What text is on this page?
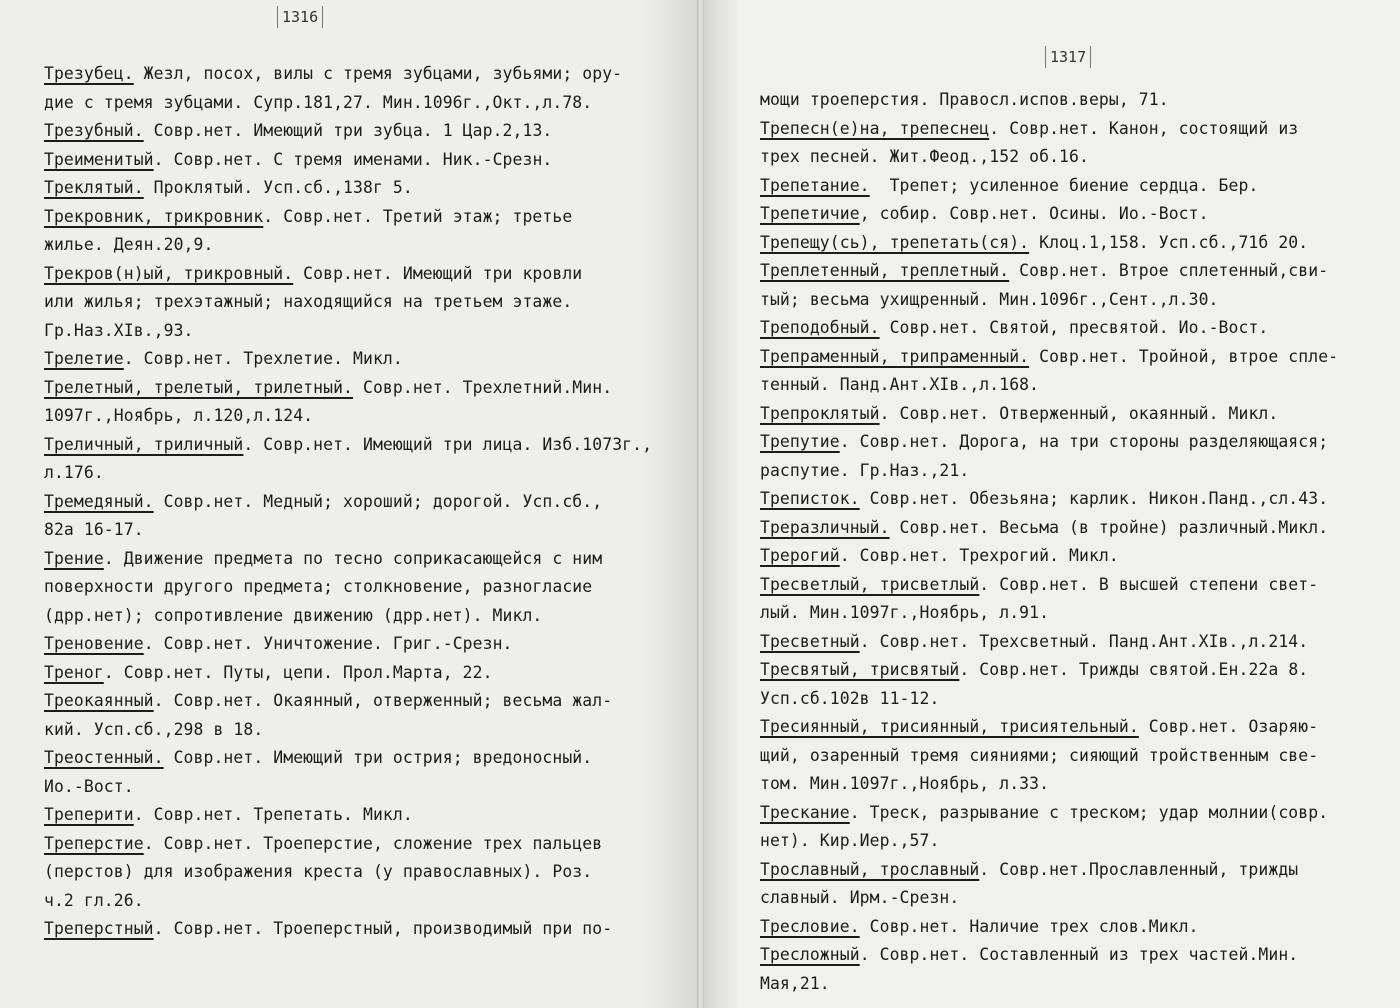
1316
Трезубец. Жезл, посох, вилы с тремя зубцами, зубьями; ору-
дие с тремя зубцами. Супр.181,27. Мин.1096г.,Окт.,л.78.
Трезубный. Совр.нет. Имеющий три зубца. 1 Цар.2,13.
Треименитый. Совр.нет. С тремя именами. Ник.-Срезн.
Треклятый. Проклятый. Усп.сб.,138г 5.
Трекровник, трикровник. Совр.нет. Третий этаж; третье
жилье. Деян.20,9.
Трекров(н)ый, трикровный. Совр.нет. Имеющий три кровли
или жилья; трехэтажный; находящийся на третьем этаже.
Гр.Наз.XIв.,93.
Трелетие. Совр.нет. Трехлетие. Микл.
Трелетный, трелетый, трилетный. Совр.нет. Трехлетний.Мин.
1097г.,Ноябрь, л.120,л.124.
Треличный, триличный. Совр.нет. Имеющий три лица. Изб.1073г.,
л.176.
Тремедяный. Совр.нет. Медный; хороший; дорогой. Усп.сб.,
82а 16-17.
Трение. Движение предмета по тесно соприкасающейся с ним
поверхности другого предмета; столкновение, разногласие
(дрр.нет); сопротивление движению (дрр.нет). Микл.
Треновение. Совр.нет. Уничтожение. Григ.-Срезн.
Треног. Совр.нет. Путы, цепи. Прол.Марта, 22.
Треокаянный. Совр.нет. Окаянный, отверженный; весьма жал-
кий. Усп.сб.,298 в 18.
Треостенный. Совр.нет. Имеющий три острия; вредоносный.
Ио.-Вост.
Треперити. Совр.нет. Трепетать. Микл.
Треперстие. Совр.нет. Троеперстие, сложение трех пальцев
(перстов) для изображения креста (у православных). Роз.
ч.2 гл.26.
Треперстный. Совр.нет. Троеперстный, производимый при по-
1317
мощи троеперстия. Правосл.испов.веры, 71.
Трепесн(е)на, трепеснец. Совр.нет. Канон, состоящий из
трех песней. Жит.Феод.,152 об.16.
Трепетание.  Трепет; усиленное биение сердца. Бер.
Трепетичие, собир. Совр.нет. Осины. Ио.-Вост.
Трепещу(сь), трепетать(ся). Клоц.1,158. Усп.сб.,71б 20.
Треплетенный, треплетный. Совр.нет. Втрое сплетенный,сви-
тый; весьма ухищренный. Мин.1096г.,Сент.,л.30.
Треподобный. Совр.нет. Святой, пресвятой. Ио.-Вост.
Трепраменный, трипраменный. Совр.нет. Тройной, втрое спле-
тенный. Панд.Ант.XIв.,л.168.
Трепроклятый. Совр.нет. Отверженный, окаянный. Микл.
Трепутие. Совр.нет. Дорога, на три стороны разделяющаяся;
распутие. Гр.Наз.,21.
Треписток. Совр.нет. Обезьяна; карлик. Никон.Панд.,сл.43.
Треразличный. Совр.нет. Весьма (в тройне) различный.Микл.
Трерогий. Совр.нет. Трехрогий. Микл.
Тресветлый, трисветлый. Совр.нет. В высшей степени свет-
лый. Мин.1097г.,Ноябрь, л.91.
Тресветный. Совр.нет. Трехсветный. Панд.Ант.XIв.,л.214.
Тресвятый, трисвятый. Совр.нет. Трижды святой.Ен.22а 8.
Усп.сб.102в 11-12.
Тресиянный, трисиянный, трисиятельный. Совр.нет. Озаряю-
щий, озаренный тремя сияниями; сияющий тройственным све-
том. Мин.1097г.,Ноябрь, л.33.
Трескание. Треск, разрывание с треском; удар молнии(совр.
нет). Кир.Иер.,57.
Трославный, трославный. Совр.нет.Прославленный, трижды
славный. Ирм.-Срезн.
Тресловие. Совр.нет. Наличие трех слов.Микл.
Тресложный. Совр.нет. Составленный из трех частей.Мин.
Мая,21.
